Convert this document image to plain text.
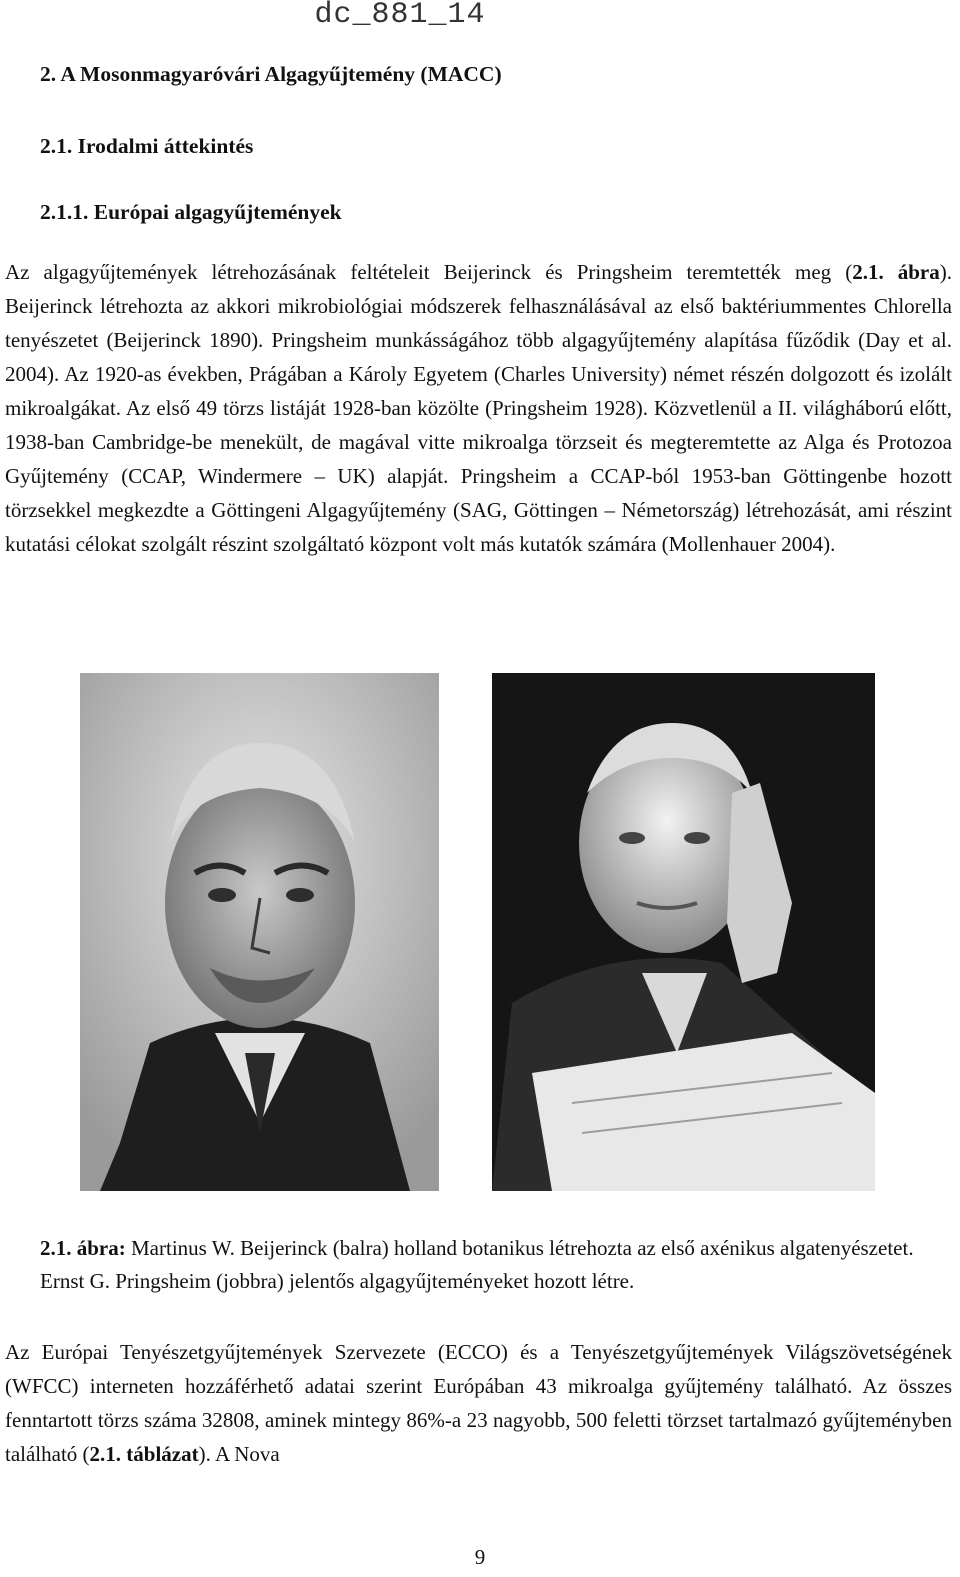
dc_881_14
2. A Mosonmagyaróvári Algagyűjtemény (MACC)
2.1. Irodalmi áttekintés
2.1.1. Európai algagyűjtemények

Az algagyűjtemények létrehozásának feltételeit Beijerinck és Pringsheim teremtették meg (2.1. ábra). Beijerinck létrehozta az akkori mikrobiológiai módszerek felhasználásával az első baktériummentes Chlorella tenyészetet (Beijerinck 1890). Pringsheim munkásságához több algagyűjtemény alapítása fűződik (Day et al. 2004). Az 1920-as években, Prágában a Károly Egyetem (Charles University) német részén dolgozott és izolált mikroalgákat. Az első 49 törzs listáját 1928-ban közölte (Pringsheim 1928). Közvetlenül a II. világháború előtt, 1938-ban Cambridge-be menekült, de magával vitte mikroalga törzseit és megteremtette az Alga és Protozoa Gyűjtemény (CCAP, Windermere – UK) alapját. Pringsheim a CCAP-ból 1953-ban Göttingenbe hozott törzsekkel megkezdte a Göttingeni Algagyűjtemény (SAG, Göttingen – Németország) létrehozását, ami részint kutatási célokat szolgált részint szolgáltató központ volt más kutatók számára (Mollenhauer 2004).

2.1. ábra: Martinus W. Beijerinck (balra) holland botanikus létrehozta az első axénikus algatenyészetet. Ernst G. Pringsheim (jobbra) jelentős algagyűjteményeket hozott létre.

Az Európai Tenyészetgyűjtemények Szervezete (ECCO) és a Tenyészetgyűjtemények Világszövetségének (WFCC) interneten hozzáférhető adatai szerint Európában 43 mikroalga gyűjtemény található. Az összes fenntartott törzs száma 32808, aminek mintegy 86%-a 23 nagyobb, 500 feletti törzset tartalmazó gyűjteményben található (2.1. táblázat). A Nova

9
